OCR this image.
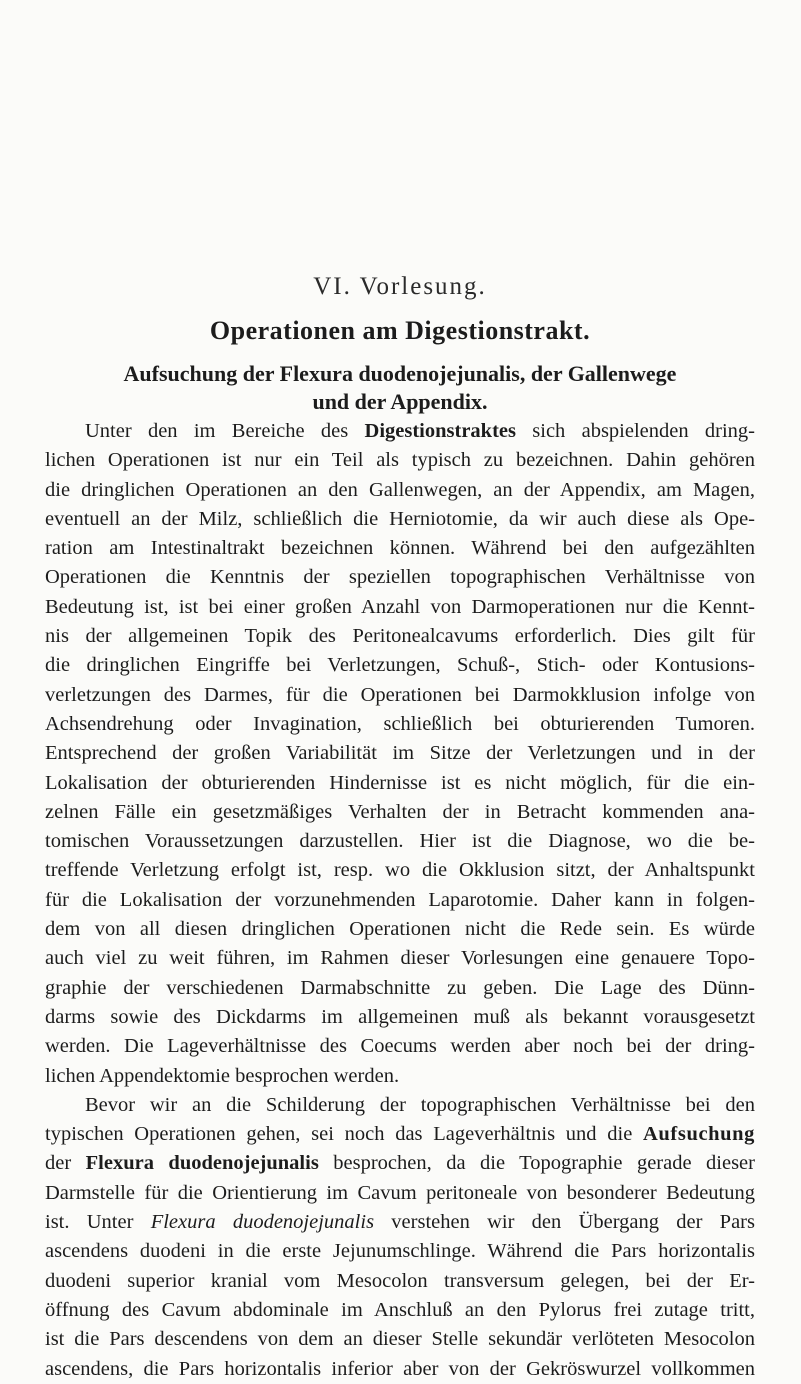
VI. Vorlesung.
Operationen am Digestionstrakt.
Aufsuchung der Flexura duodenojejunalis, der Gallenwege
und der Appendix.
Unter den im Bereiche des Digestionstraktes sich abspielenden dring-
lichen Operationen ist nur ein Teil als typisch zu bezeichnen. Dahin gehören
die dringlichen Operationen an den Gallenwegen, an der Appendix, am Magen,
eventuell an der Milz, schließlich die Herniotomie, da wir auch diese als Ope-
ration am Intestinaltrakt bezeichnen können. Während bei den aufgezählten
Operationen die Kenntnis der speziellen topographischen Verhältnisse von
Bedeutung ist, ist bei einer großen Anzahl von Darmoperationen nur die Kennt-
nis der allgemeinen Topik des Peritonealcavums erforderlich. Dies gilt für
die dringlichen Eingriffe bei Verletzungen, Schuß-, Stich- oder Kontusions-
verletzungen des Darmes, für die Operationen bei Darmokklusion infolge von
Achsendrehung oder Invagination, schließlich bei obturierenden Tumoren.
Entsprechend der großen Variabilität im Sitze der Verletzungen und in der
Lokalisation der obturierenden Hindernisse ist es nicht möglich, für die ein-
zelnen Fälle ein gesetzmäßiges Verhalten der in Betracht kommenden ana-
tomischen Voraussetzungen darzustellen. Hier ist die Diagnose, wo die be-
treffende Verletzung erfolgt ist, resp. wo die Okklusion sitzt, der Anhaltspunkt
für die Lokalisation der vorzunehmenden Laparotomie. Daher kann in folgen-
dem von all diesen dringlichen Operationen nicht die Rede sein. Es würde
auch viel zu weit führen, im Rahmen dieser Vorlesungen eine genauere Topo-
graphie der verschiedenen Darmabschnitte zu geben. Die Lage des Dünn-
darms sowie des Dickdarms im allgemeinen muß als bekannt vorausgesetzt
werden. Die Lageverhältnisse des Coecums werden aber noch bei der dring-
lichen Appendektomie besprochen werden.
Bevor wir an die Schilderung der topographischen Verhältnisse bei den
typischen Operationen gehen, sei noch das Lageverhältnis und die Aufsuchung
der Flexura duodenojejunalis besprochen, da die Topographie gerade dieser
Darmstelle für die Orientierung im Cavum peritoneale von besonderer Bedeutung
ist. Unter Flexura duodenojejunalis verstehen wir den Übergang der Pars
ascendens duodeni in die erste Jejunumschlinge. Während die Pars horizontalis
duodeni superior kranial vom Mesocolon transversum gelegen, bei der Er-
öffnung des Cavum abdominale im Anschluß an den Pylorus frei zutage tritt,
ist die Pars descendens von dem an dieser Stelle sekundär verlöteten Mesocolon
ascendens, die Pars horizontalis inferior aber von der Gekröswurzel vollkommen
